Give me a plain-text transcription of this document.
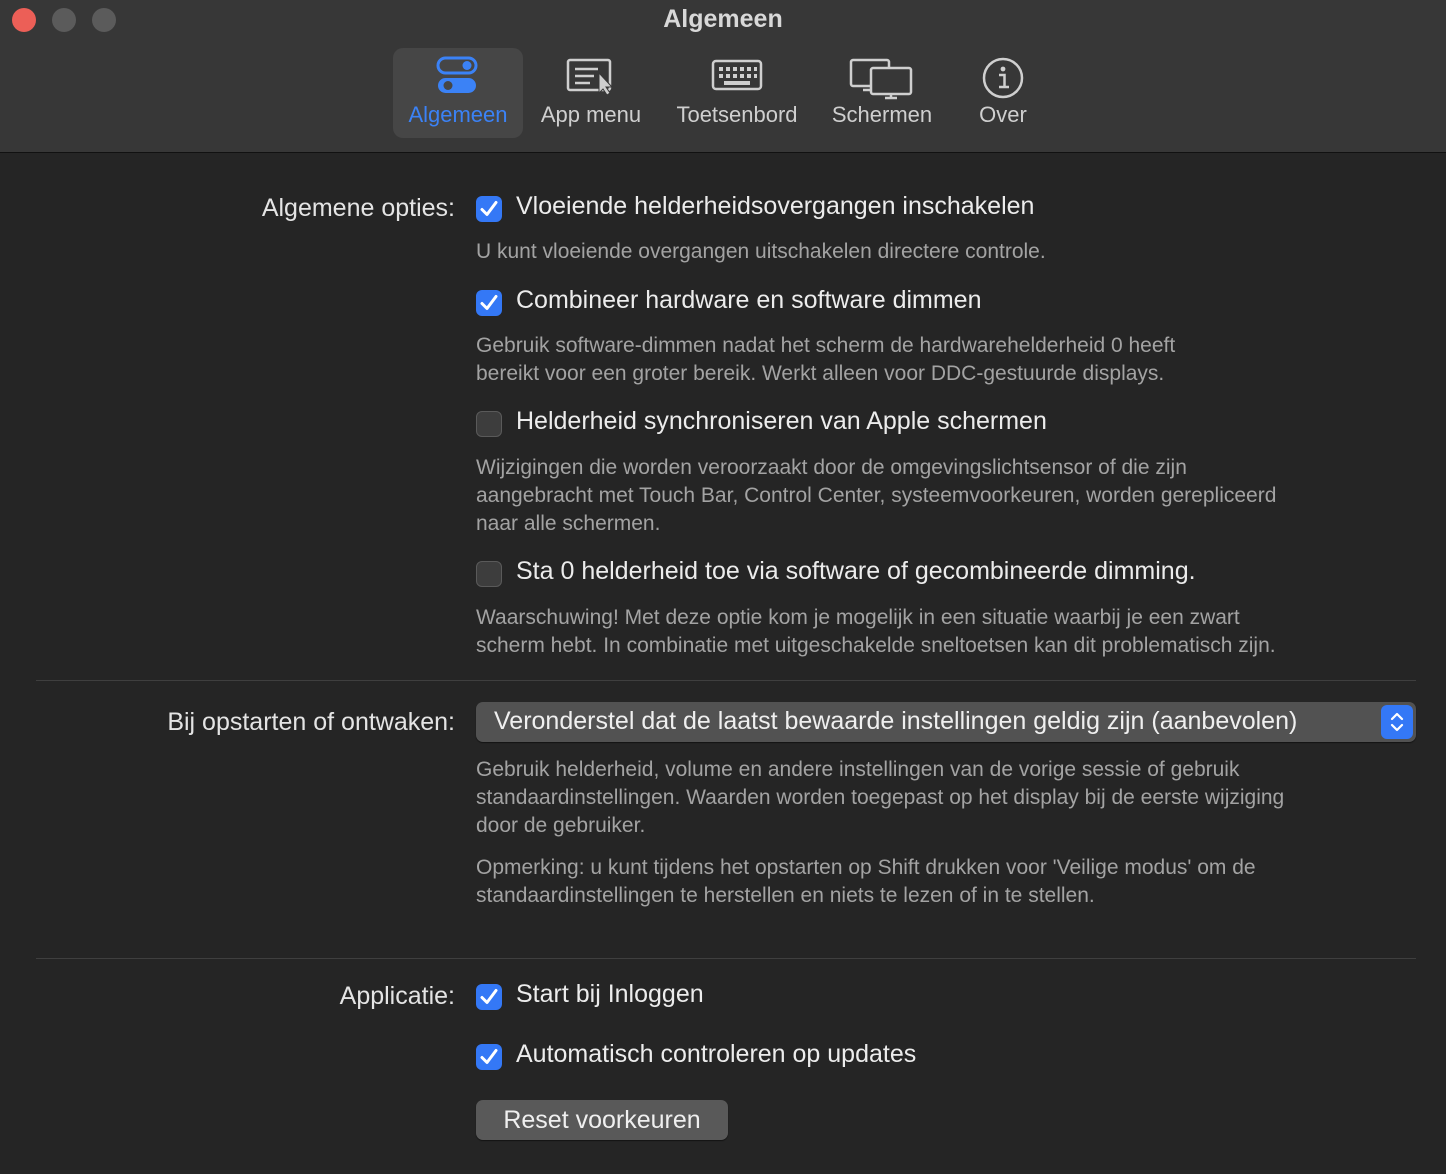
Algemeen
Algemeen	App menu	Toetsenbord	Schermen	Over
Algemene opties: Vloeiende helderheidsovergangen inschakelen
U kunt vloeiende overgangen uitschakelen directere controle.
Combineer hardware en software dimmen
Gebruik software-dimmen nadat het scherm de hardwarehelderheid 0 heeft
bereikt voor een groter bereik. Werkt alleen voor DDC-gestuurde displays.
Helderheid synchroniseren van Apple schermen
Wijzigingen die worden veroorzaakt door de omgevingslichtsensor of die zijn
aangebracht met Touch Bar, Control Center, systeemvoorkeuren, worden gerepliceerd
naar alle schermen.
Sta 0 helderheid toe via software of gecombineerde dimming.
Waarschuwing! Met deze optie kom je mogelijk in een situatie waarbij je een zwart
scherm hebt. In combinatie met uitgeschakelde sneltoetsen kan dit problematisch zijn.
Bij opstarten of ontwaken: Veronderstel dat de laatst bewaarde instellingen geldig zijn (aanbevolen)
Gebruik helderheid, volume en andere instellingen van de vorige sessie of gebruik
standaardinstellingen. Waarden worden toegepast op het display bij de eerste wijziging
door de gebruiker.
Opmerking: u kunt tijdens het opstarten op Shift drukken voor 'Veilige modus' om de
standaardinstellingen te herstellen en niets te lezen of in te stellen.
Applicatie: Start bij Inloggen
Automatisch controleren op updates
Reset voorkeuren
